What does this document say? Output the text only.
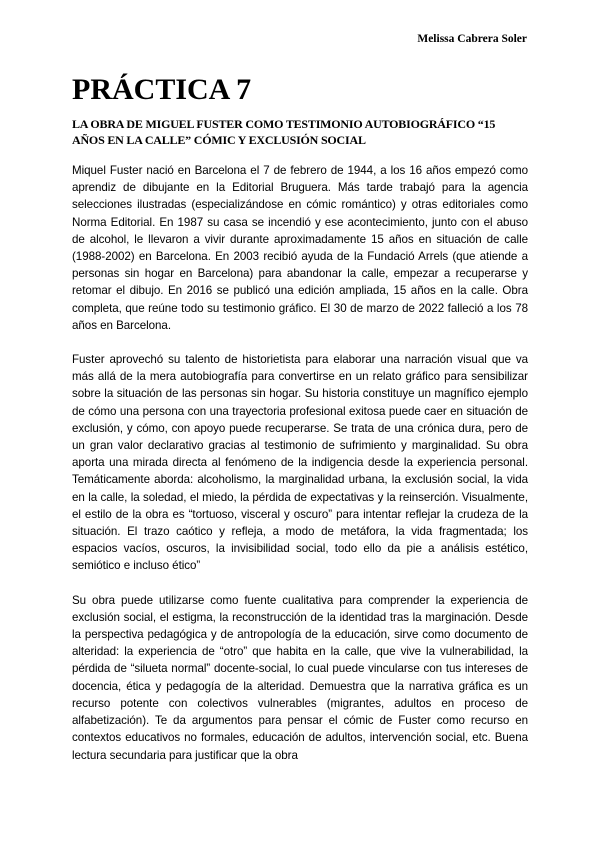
Melissa Cabrera Soler
PRÁCTICA 7
LA OBRA DE MIGUEL FUSTER COMO TESTIMONIO AUTOBIOGRÁFICO “15 AÑOS EN LA CALLE” CÓMIC Y EXCLUSIÓN SOCIAL

Miquel Fuster nació en Barcelona el 7 de febrero de 1944, a los 16 años empezó como aprendiz de dibujante en la Editorial Bruguera. Más tarde trabajó para la agencia selecciones ilustradas (especializándose en cómic romántico) y otras editoriales como Norma Editorial. En 1987 su casa se incendió y ese acontecimiento, junto con el abuso de alcohol, le llevaron a vivir durante aproximadamente 15 años en situación de calle (1988-2002) en Barcelona. En 2003 recibió ayuda de la Fundació Arrels (que atiende a personas sin hogar en Barcelona) para abandonar la calle, empezar a recuperarse y retomar el dibujo. En 2016 se publicó una edición ampliada, 15 años en la calle. Obra completa, que reúne todo su testimonio gráfico. El 30 de marzo de 2022 falleció a los 78 años en Barcelona.

Fuster aprovechó su talento de historietista para elaborar una narración visual que va más allá de la mera autobiografía para convertirse en un relato gráfico para sensibilizar sobre la situación de las personas sin hogar. Su historia constituye un magnífico ejemplo de cómo una persona con una trayectoria profesional exitosa puede caer en situación de exclusión, y cómo, con apoyo puede recuperarse. Se trata de una crónica dura, pero de un gran valor declarativo gracias al testimonio de sufrimiento y marginalidad. Su obra aporta una mirada directa al fenómeno de la indigencia desde la experiencia personal. Temáticamente aborda: alcoholismo, la marginalidad urbana, la exclusión social, la vida en la calle, la soledad, el miedo, la pérdida de expectativas y la reinserción. Visualmente, el estilo de la obra es “tortuoso, visceral y oscuro” para intentar reflejar la crudeza de la situación. El trazo caótico y refleja, a modo de metáfora, la vida fragmentada; los espacios vacíos, oscuros, la invisibilidad social, todo ello da pie a análisis estético, semiótico e incluso ético”

Su obra puede utilizarse como fuente cualitativa para comprender la experiencia de exclusión social, el estigma, la reconstrucción de la identidad tras la marginación. Desde la perspectiva pedagógica y de antropología de la educación, sirve como documento de alteridad: la experiencia de “otro” que habita en la calle, que vive la vulnerabilidad, la pérdida de “silueta normal” docente-social, lo cual puede vincularse con tus intereses de docencia, ética y pedagogía de la alteridad. Demuestra que la narrativa gráfica es un recurso potente con colectivos vulnerables (migrantes, adultos en proceso de alfabetización). Te da argumentos para pensar el cómic de Fuster como recurso en contextos educativos no formales, educación de adultos, intervención social, etc. Buena lectura secundaria para justificar que la obra
